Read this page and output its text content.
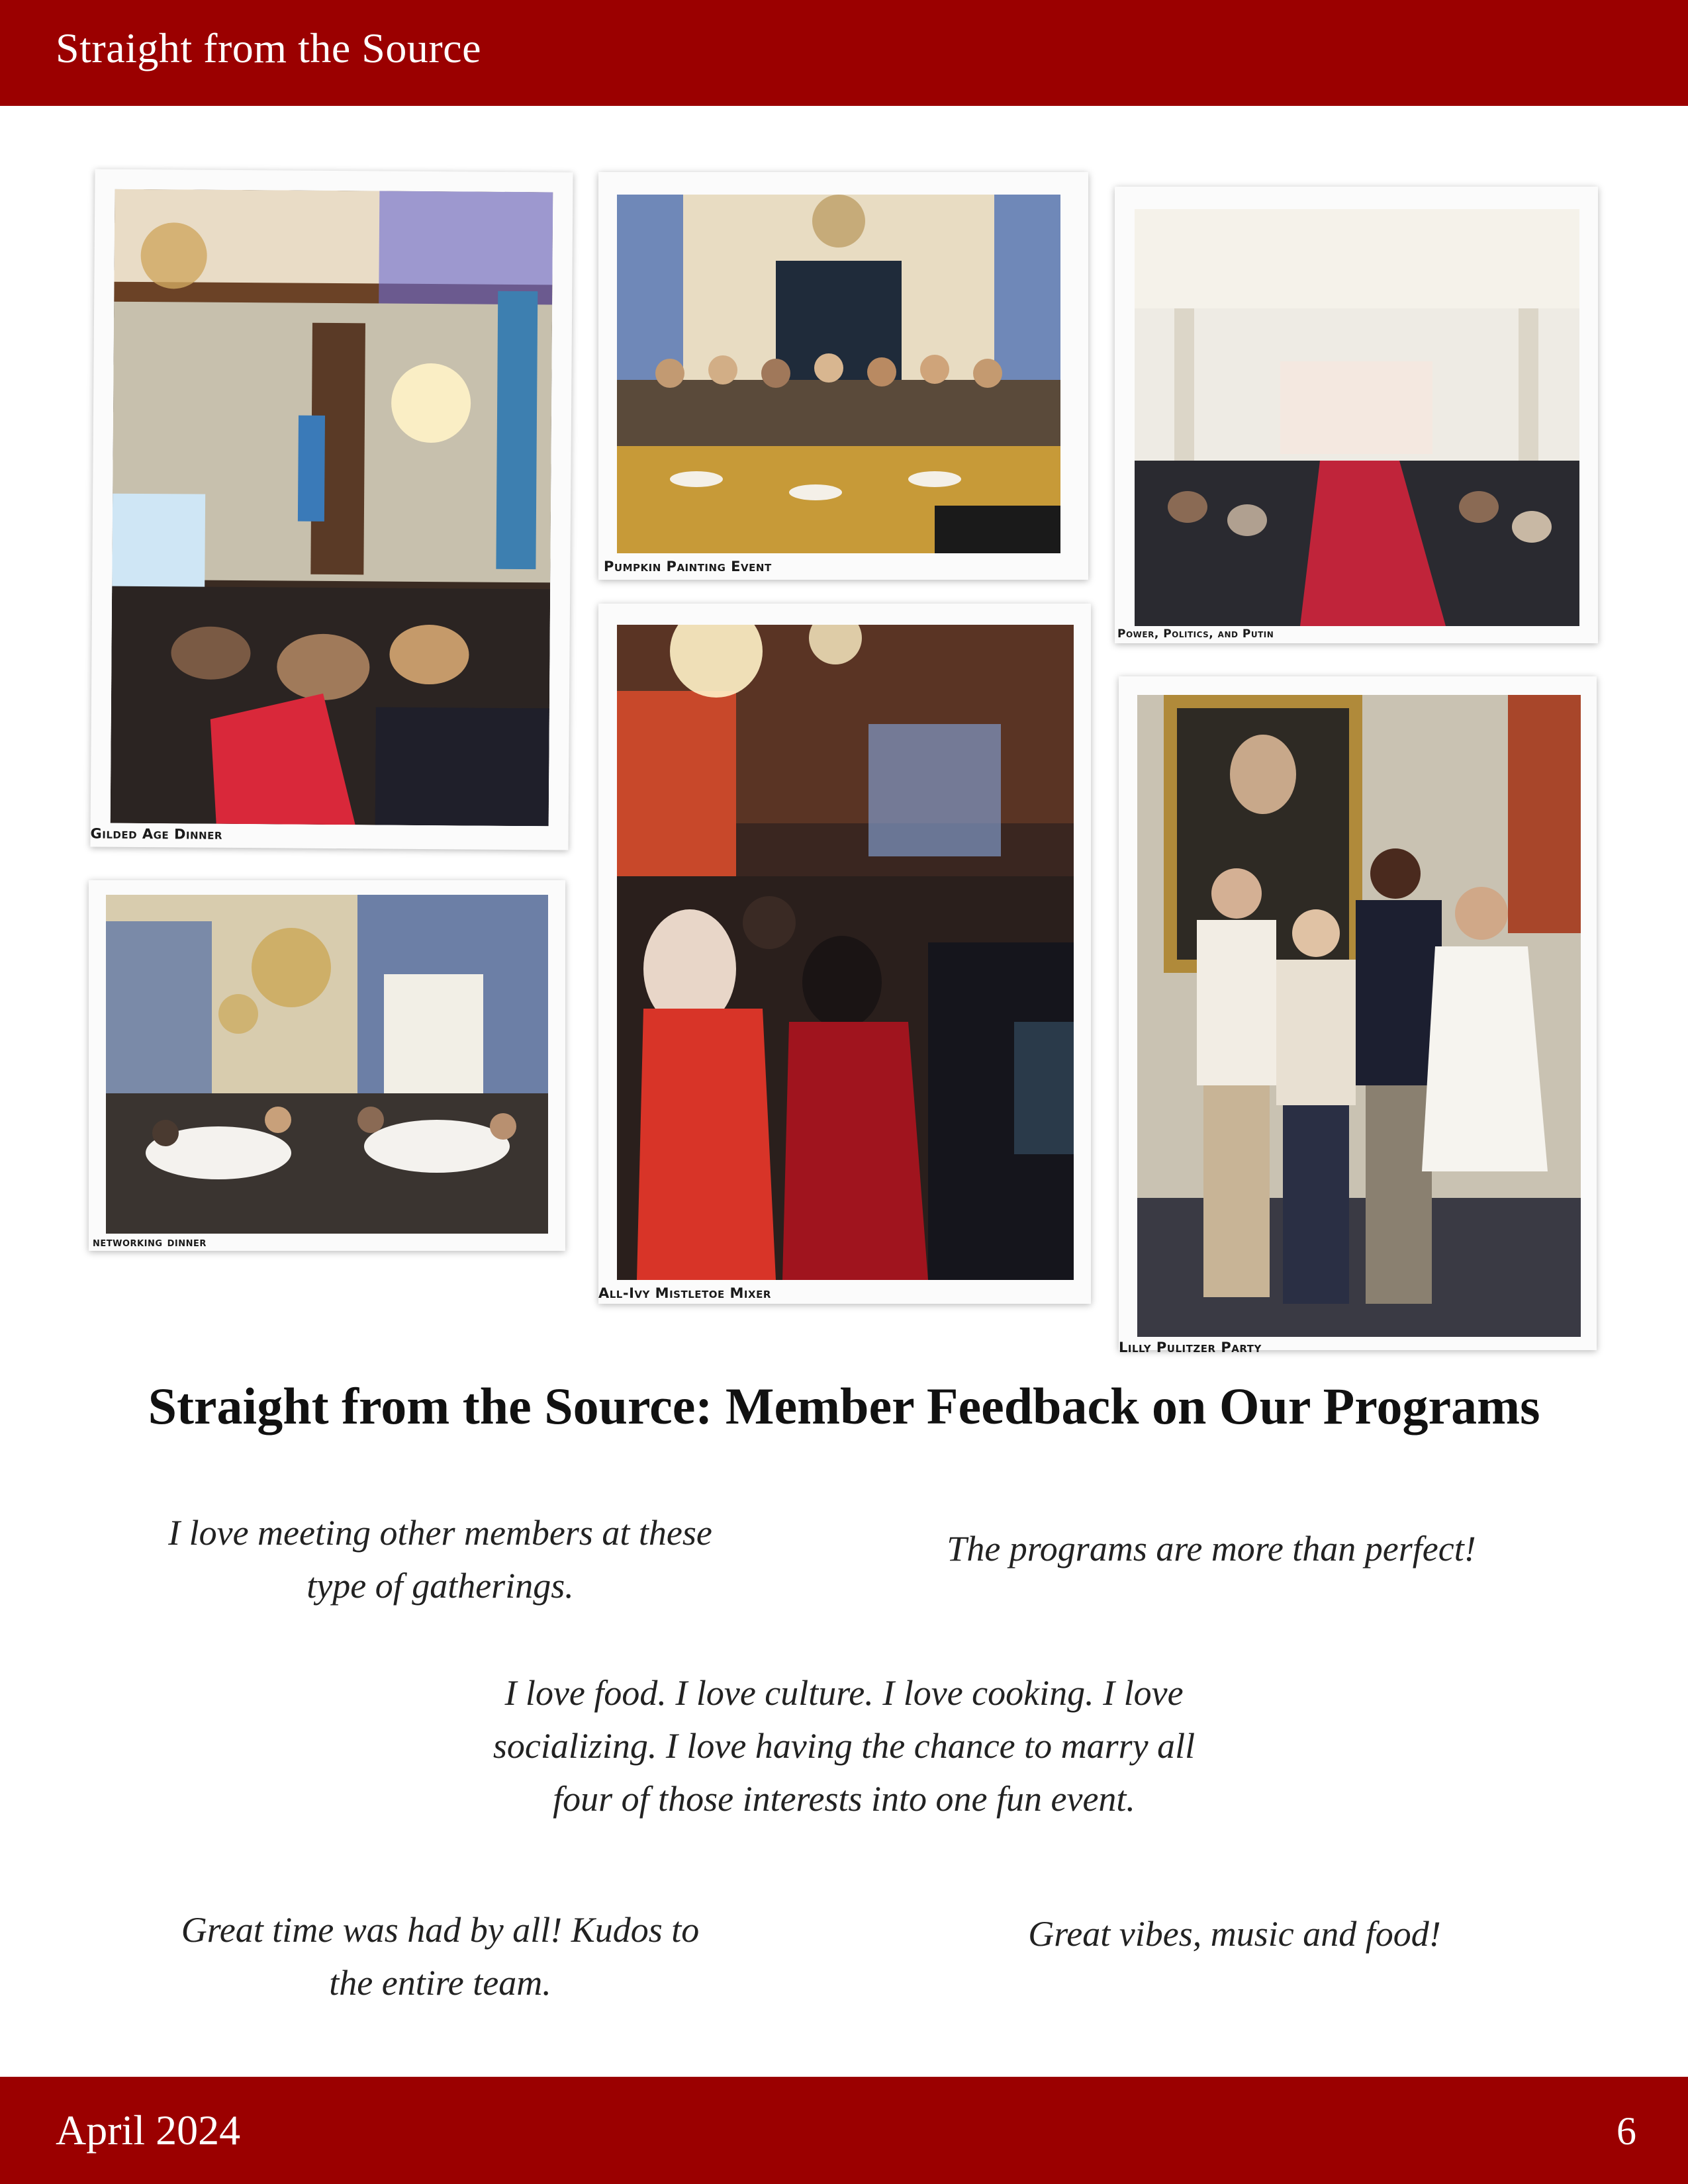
Straight from the Source
Gilded Age Dinner
Pumpkin Painting Event
Power, Politics, and Putin
networking dinner
All-Ivy Mistletoe Mixer
Lilly Pulitzer Party
Straight from the Source: Member Feedback on Our Programs
I love meeting other members at these
type of gatherings.
The programs are more than perfect!
I love food. I love culture. I love cooking. I love
socializing. I love having the chance to marry all
four of those interests into one fun event.
Great time was had by all! Kudos to
the entire team.
Great vibes, music and food!
April 2024	6
